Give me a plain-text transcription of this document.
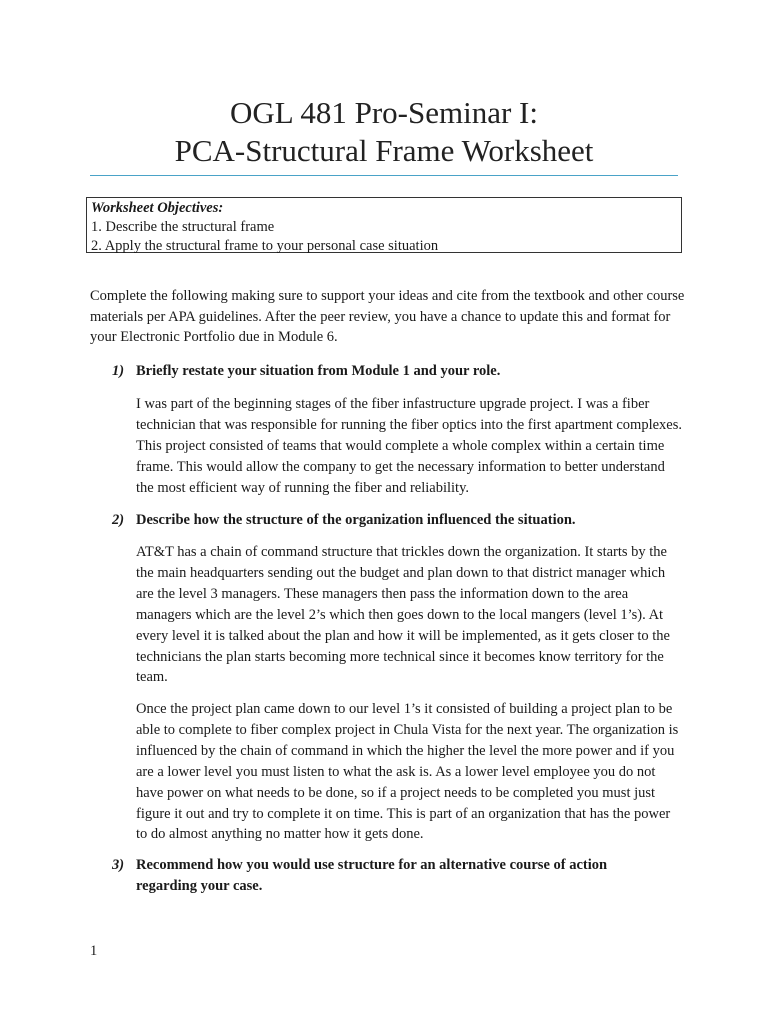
OGL 481 Pro-Seminar I:
PCA-Structural Frame Worksheet
Worksheet Objectives:
1. Describe the structural frame
2. Apply the structural frame to your personal case situation
Complete the following making sure to support your ideas and cite from the textbook and other course materials per APA guidelines. After the peer review, you have a chance to update this and format for your Electronic Portfolio due in Module 6.
1) Briefly restate your situation from Module 1 and your role.
I was part of the beginning stages of the fiber infastructure upgrade project. I was a fiber technician that was responsible for running the fiber optics into the first apartment complexes. This project consisted of teams that would complete a whole complex within a certain time frame. This would allow the company to get the necessary information to better understand the most efficient way of running the fiber and reliability.
2) Describe how the structure of the organization influenced the situation.
AT&T has a chain of command structure that trickles down the organization. It starts by the the main headquarters sending out the budget and plan down to that district manager which are the level 3 managers. These managers then pass the information down to the area managers which are the level 2’s which then goes down to the local mangers (level 1’s). At every level it is talked about the plan and how it will be implemented, as it gets closer to the technicians the plan starts becoming more technical since it becomes know territory for the team.
Once the project plan came down to our level 1’s it consisted of building a project plan to be able to complete to fiber complex project in Chula Vista for the next year. The organization is influenced by the chain of command in which the higher the level the more power and if you are a lower level you must listen to what the ask is. As a lower level employee you do not have power on what needs to be done, so if a project needs to be completed you must just figure it out and try to complete it on time. This is part of an organization that has the power to do almost anything no matter how it gets done.
3) Recommend how you would use structure for an alternative course of action
regarding your case.
1
